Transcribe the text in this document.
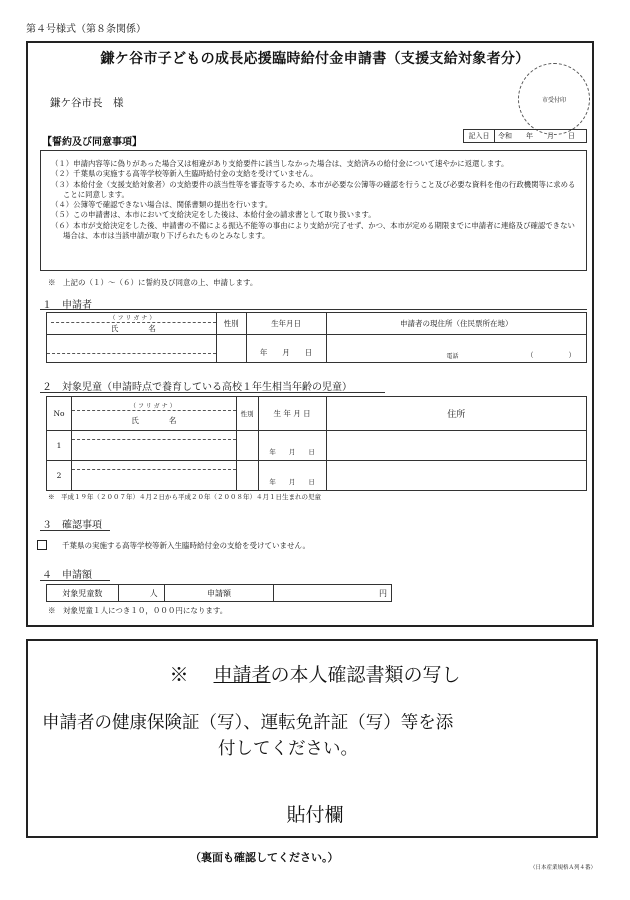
第４号様式（第８条関係）
鎌ケ谷市子どもの成長応援臨時給付金申請書（支援支給対象者分）
市受付印
鎌ケ谷市長　様
【誓約及び同意事項】
記入日	令和　　年　　月　　日

（１）申請内容等に偽りがあった場合又は相違があり支給要件に該当しなかった場合は、支給済みの給付金について速やかに返還します。

（２）千葉県の実施する高等学校等新入生臨時給付金の支給を受けていません。

（３）本給付金（支援支給対象者）の支給要件の該当性等を審査等するため、本市が必要な公簿等の確認を行うこと及び必要な資料を他の行政機関等に求めることに同意します。

（４）公簿等で確認できない場合は、関係書類の提出を行います。

（５）この申請書は、本市において支給決定をした後は、本給付金の請求書として取り扱います。

（６）本市が支給決定をした後、申請書の不備による振込不能等の事由により支給が完了せず、かつ、本市が定める期限までに申請者に連絡及び確認できない場合は、本市は当該申請が取り下げられたものとみなします。

※　上記の（１）～（６）に誓約及び同意の上、申請します。
１　申請者
（フリガナ）
氏　　　　名	性別	生年月日	申請者の現住所（住民票所在地）

		年　　月　　日	電話 （　　　　　）
２　対象児童（申請時点で養育している高校１年生相当年齢の児童）
No	（フリガナ）
氏　　　　名	性別	生 年 月 日	住所
1			年　　月　　日	
2			年　　月　　日	
※　平成１９年（２００７年）４月２日から平成２０年（２００８年）４月１日生まれの児童
３　確認事項
千葉県の実施する高等学校等新入生臨時給付金の支給を受けていません。
４　申請額
対象児童数	人	申請額	円
※　対象児童１人につき１０，０００円になります。
※　 申請者の本人確認書類の写し
申請者の健康保険証（写）、運転免許証（写）等を添
付してください。
貼付欄
（裏面も確認してください。）
（日本産業規格Ａ列４番）
